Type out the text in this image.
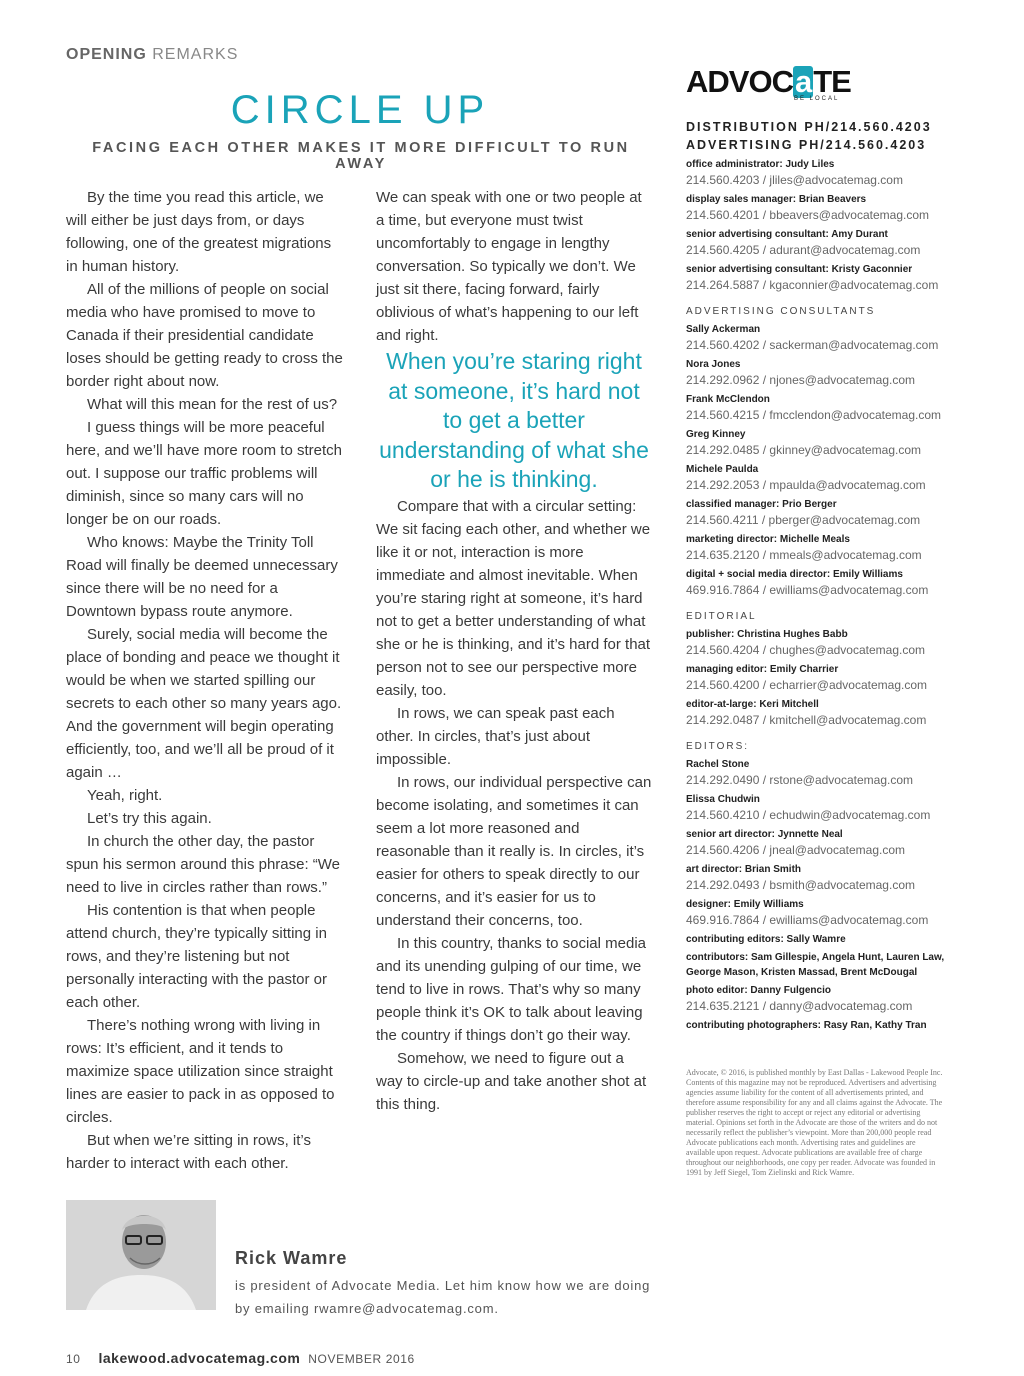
OPENING REMARKS
CIRCLE UP
FACING EACH OTHER MAKES IT MORE DIFFICULT TO RUN AWAY

By the time you read this article, we will either be just days from, or days following, one of the greatest migrations in human history.

All of the millions of people on social media who have promised to move to Canada if their presidential candidate loses should be getting ready to cross the border right about now.

What will this mean for the rest of us?

I guess things will be more peaceful here, and we’ll have more room to stretch out. I suppose our traffic problems will diminish, since so many cars will no longer be on our roads.

Who knows: Maybe the Trinity Toll Road will finally be deemed unnecessary since there will be no need for a Downtown bypass route anymore.

Surely, social media will become the place of bonding and peace we thought it would be when we started spilling our secrets to each other so many years ago. And the government will begin operating efficiently, too, and we’ll all be proud of it again …

Yeah, right.

Let’s try this again.

In church the other day, the pastor spun his sermon around this phrase: “We need to live in circles rather than rows.”

His contention is that when people attend church, they’re typically sitting in rows, and they’re listening but not personally interacting with the pastor or each other.

There’s nothing wrong with living in rows: It’s efficient, and it tends to maximize space utilization since straight lines are easier to pack in as opposed to circles.

But when we’re sitting in rows, it’s harder to interact with each other.

We can speak with one or two people at a time, but everyone must twist uncomfortably to engage in lengthy conversation. So typically we don’t. We just sit there, facing forward, fairly oblivious of what’s happening to our left and right.

When you’re staring right at someone, it’s hard not to get a better understanding of what she or he is thinking.

Compare that with a circular setting: We sit facing each other, and whether we like it or not, interaction is more immediate and almost inevitable. When you’re staring right at someone, it’s hard not to get a better understanding of what she or he is thinking, and it’s hard for that person not to see our perspective more easily, too.

In rows, we can speak past each other. In circles, that’s just about impossible.

In rows, our individual perspective can become isolating, and sometimes it can seem a lot more reasoned and reasonable than it really is. In circles, it’s easier for others to speak directly to our concerns, and it’s easier for us to understand their concerns, too.

In this country, thanks to social media and its unending gulping of our time, we tend to live in rows. That’s why so many people think it’s OK to talk about leaving the country if things don’t go their way.

Somehow, we need to figure out a way to circle-up and take another shot at this thing.

ADVOCaTE
BE LOCAL
DISTRIBUTION PH/214.560.4203
ADVERTISING PH/214.560.4203
office administrator: Judy Liles
214.560.4203 / jliles@advocatemag.com
display sales manager: Brian Beavers
214.560.4201 / bbeavers@advocatemag.com
senior advertising consultant: Amy Durant
214.560.4205 / adurant@advocatemag.com
senior advertising consultant: Kristy Gaconnier
214.264.5887 / kgaconnier@advocatemag.com
ADVERTISING CONSULTANTS
Sally Ackerman
214.560.4202 / sackerman@advocatemag.com
Nora Jones
214.292.0962 / njones@advocatemag.com
Frank McClendon
214.560.4215 / fmcclendon@advocatemag.com
Greg Kinney
214.292.0485 / gkinney@advocatemag.com
Michele Paulda
214.292.2053 / mpaulda@advocatemag.com
classified manager: Prio Berger
214.560.4211 / pberger@advocatemag.com
marketing director: Michelle Meals
214.635.2120 / mmeals@advocatemag.com
digital + social media director: Emily Williams
469.916.7864 / ewilliams@advocatemag.com
EDITORIAL
publisher: Christina Hughes Babb
214.560.4204 / chughes@advocatemag.com
managing editor: Emily Charrier
214.560.4200 / echarrier@advocatemag.com
editor-at-large: Keri Mitchell
214.292.0487 / kmitchell@advocatemag.com
EDITORS:
Rachel Stone
214.292.0490 / rstone@advocatemag.com
Elissa Chudwin
214.560.4210 / echudwin@advocatemag.com
senior art director: Jynnette Neal
214.560.4206 / jneal@advocatemag.com
art director: Brian Smith
214.292.0493 / bsmith@advocatemag.com
designer: Emily Williams
469.916.7864 / ewilliams@advocatemag.com
contributing editors: Sally Wamre
contributors: Sam Gillespie, Angela Hunt, Lauren Law, George Mason, Kristen Massad, Brent McDougal
photo editor: Danny Fulgencio
214.635.2121 / danny@advocatemag.com
contributing photographers: Rasy Ran, Kathy Tran
Advocate, © 2016, is published monthly by East Dallas - Lakewood People Inc. Contents of this magazine may not be reproduced. Advertisers and advertising agencies assume liability for the content of all advertisements printed, and therefore assume responsibility for any and all claims against the Advocate. The publisher reserves the right to accept or reject any editorial or advertising material. Opinions set forth in the Advocate are those of the writers and do not necessarily reflect the publisher’s viewpoint. More than 200,000 people read Advocate publications each month. Advertising rates and guidelines are available upon request. Advocate publications are available free of charge throughout our neighborhoods, one copy per reader. Advocate was founded in 1991 by Jeff Siegel, Tom Zielinski and Rick Wamre.
Rick Wamre
is president of Advocate Media. Let him know how we are doing by emailing rwamre@advocatemag.com.
10 lakewood.advocatemag.com NOVEMBER 2016
